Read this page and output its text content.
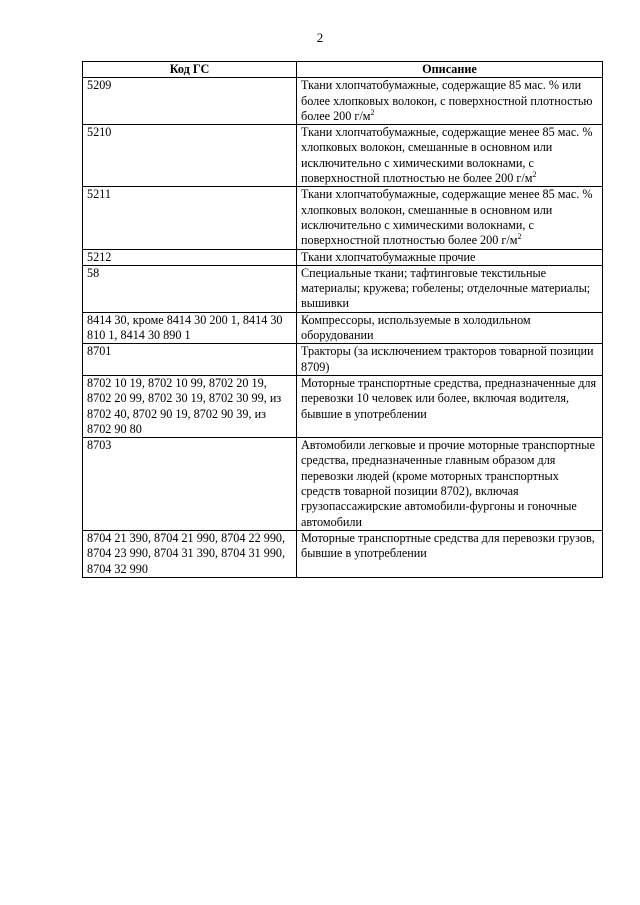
2
Код ГС	Описание
5209	Ткани хлопчатобумажные, содержащие 85 мас. % или более хлопковых волокон, с поверхностной плотностью более 200 $г/м^2$
5210	Ткани хлопчатобумажные, содержащие менее 85 мас. % хлопковых волокон, смешанные в основном или исключительно с химическими волокнами, с поверхностной плотностью не более 200 $г/м^2$
5211	Ткани хлопчатобумажные, содержащие менее 85 мас. % хлопковых волокон, смешанные в основном или исключительно с химическими волокнами, с поверхностной плотностью более 200 $г/м^2$
5212	Ткани хлопчатобумажные прочие
58	Специальные ткани; тафтинговые текстильные материалы; кружева; гобелены; отделочные материалы; вышивки
8414 30, кроме 8414 30 200 1, 8414 30 810 1, 8414 30 890 1	Компрессоры, используемые в холодильном оборудовании
8701	Тракторы (за исключением тракторов товарной позиции 8709)
8702 10 19, 8702 10 99, 8702 20 19, 8702 20 99, 8702 30 19, 8702 30 99, из 8702 40, 8702 90 19, 8702 90 39, из 8702 90 80	Моторные транспортные средства, предназначенные для перевозки 10 человек или более, включая водителя, бывшие в употреблении
8703	Автомобили легковые и прочие моторные транспортные средства, предназначенные главным образом для перевозки людей (кроме моторных транспортных средств товарной позиции 8702), включая грузопассажирские автомобили-фургоны и гоночные автомобили
8704 21 390, 8704 21 990, 8704 22 990, 8704 23 990, 8704 31 390, 8704 31 990, 8704 32 990	Моторные транспортные средства для перевозки грузов, бывшие в употреблении
